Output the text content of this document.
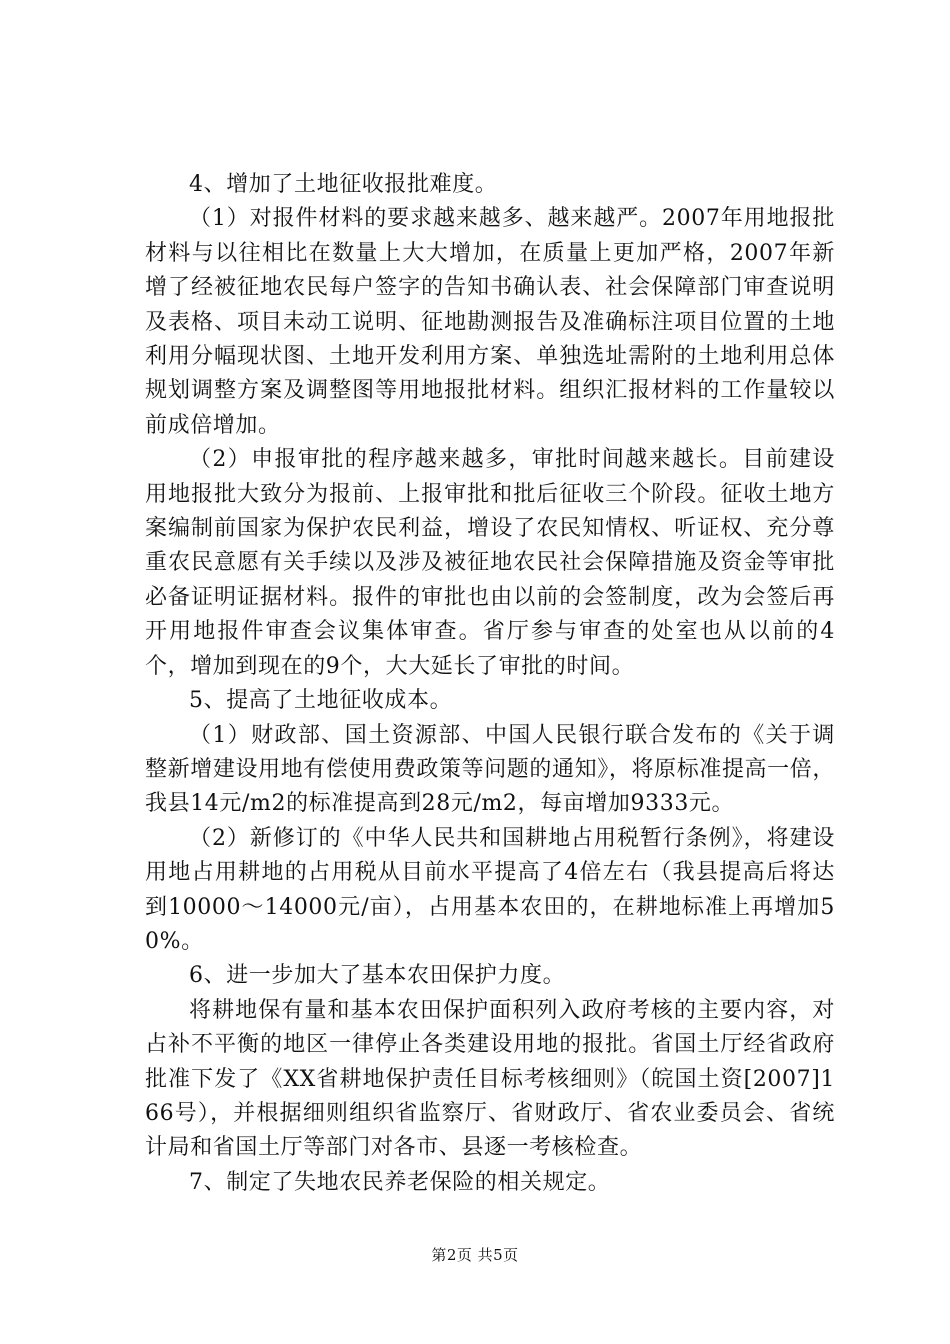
4、增加了土地征收报批难度。

（1）对报件材料的要求越来越多、越来越严。2007年用地报批材料与以往相比在数量上大大增加，在质量上更加严格，2007年新增了经被征地农民每户签字的告知书确认表、社会保障部门审查说明及表格、项目未动工说明、征地勘测报告及准确标注项目位置的土地利用分幅现状图、土地开发利用方案、单独选址需附的土地利用总体规划调整方案及调整图等用地报批材料。组织汇报材料的工作量较以前成倍增加。

（2）申报审批的程序越来越多，审批时间越来越长。目前建设用地报批大致分为报前、上报审批和批后征收三个阶段。征收土地方案编制前国家为保护农民利益，增设了农民知情权、听证权、充分尊重农民意愿有关手续以及涉及被征地农民社会保障措施及资金等审批必备证明证据材料。报件的审批也由以前的会签制度，改为会签后再开用地报件审查会议集体审查。省厅参与审查的处室也从以前的4个，增加到现在的9个，大大延长了审批的时间。

5、提高了土地征收成本。

（1）财政部、国土资源部、中国人民银行联合发布的《关于调整新增建设用地有偿使用费政策等问题的通知》，将原标准提高一倍，我县14元/m2的标准提高到28元/m2，每亩增加9333元。

（2）新修订的《中华人民共和国耕地占用税暂行条例》，将建设用地占用耕地的占用税从目前水平提高了4倍左右（我县提高后将达到10000～14000元/亩），占用基本农田的，在耕地标准上再增加50%。

6、进一步加大了基本农田保护力度。

将耕地保有量和基本农田保护面积列入政府考核的主要内容，对占补不平衡的地区一律停止各类建设用地的报批。省国土厅经省政府批准下发了《XX省耕地保护责任目标考核细则》（皖国土资[2007]166号），并根据细则组织省监察厅、省财政厅、省农业委员会、省统计局和省国土厅等部门对各市、县逐一考核检查。

7、制定了失地农民养老保险的相关规定。

第2页 共5页
